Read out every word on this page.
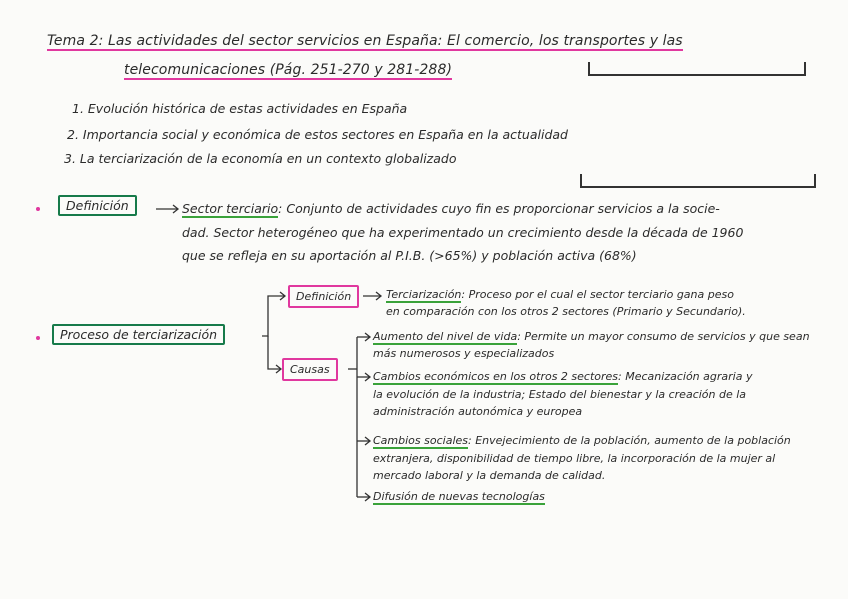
Tema 2: Las actividades del sector servicios en España: El comercio, los transportes y las
telecomunicaciones (Pág. 251-270 y 281-288)
1. Evolución histórica de estas actividades en España
2. Importancia social y económica de estos sectores en España en la actualidad
3. La terciarización de la economía en un contexto globalizado
Definición	Sector terciario: Conjunto de actividades cuyo fin es proporcionar servicios a la socie-
dad. Sector heterogéneo que ha experimentado un crecimiento desde la década de 1960
que se refleja en su aportación al P.I.B. (>65%) y población activa (68%)
Proceso de terciarización
Definición	Terciarización: Proceso por el cual el sector terciario gana peso
en comparación con los otros 2 sectores (Primario y Secundario).
Causas
Aumento del nivel de vida: Permite un mayor consumo de servicios y que sean
más numerosos y especializados
Cambios económicos en los otros 2 sectores: Mecanización agraria y
la evolución de la industria; Estado del bienestar y la creación de la
administración autonómica y europea
Cambios sociales: Envejecimiento de la población, aumento de la población
extranjera, disponibilidad de tiempo libre, la incorporación de la mujer al
mercado laboral y la demanda de calidad.
Difusión de nuevas tecnologías
